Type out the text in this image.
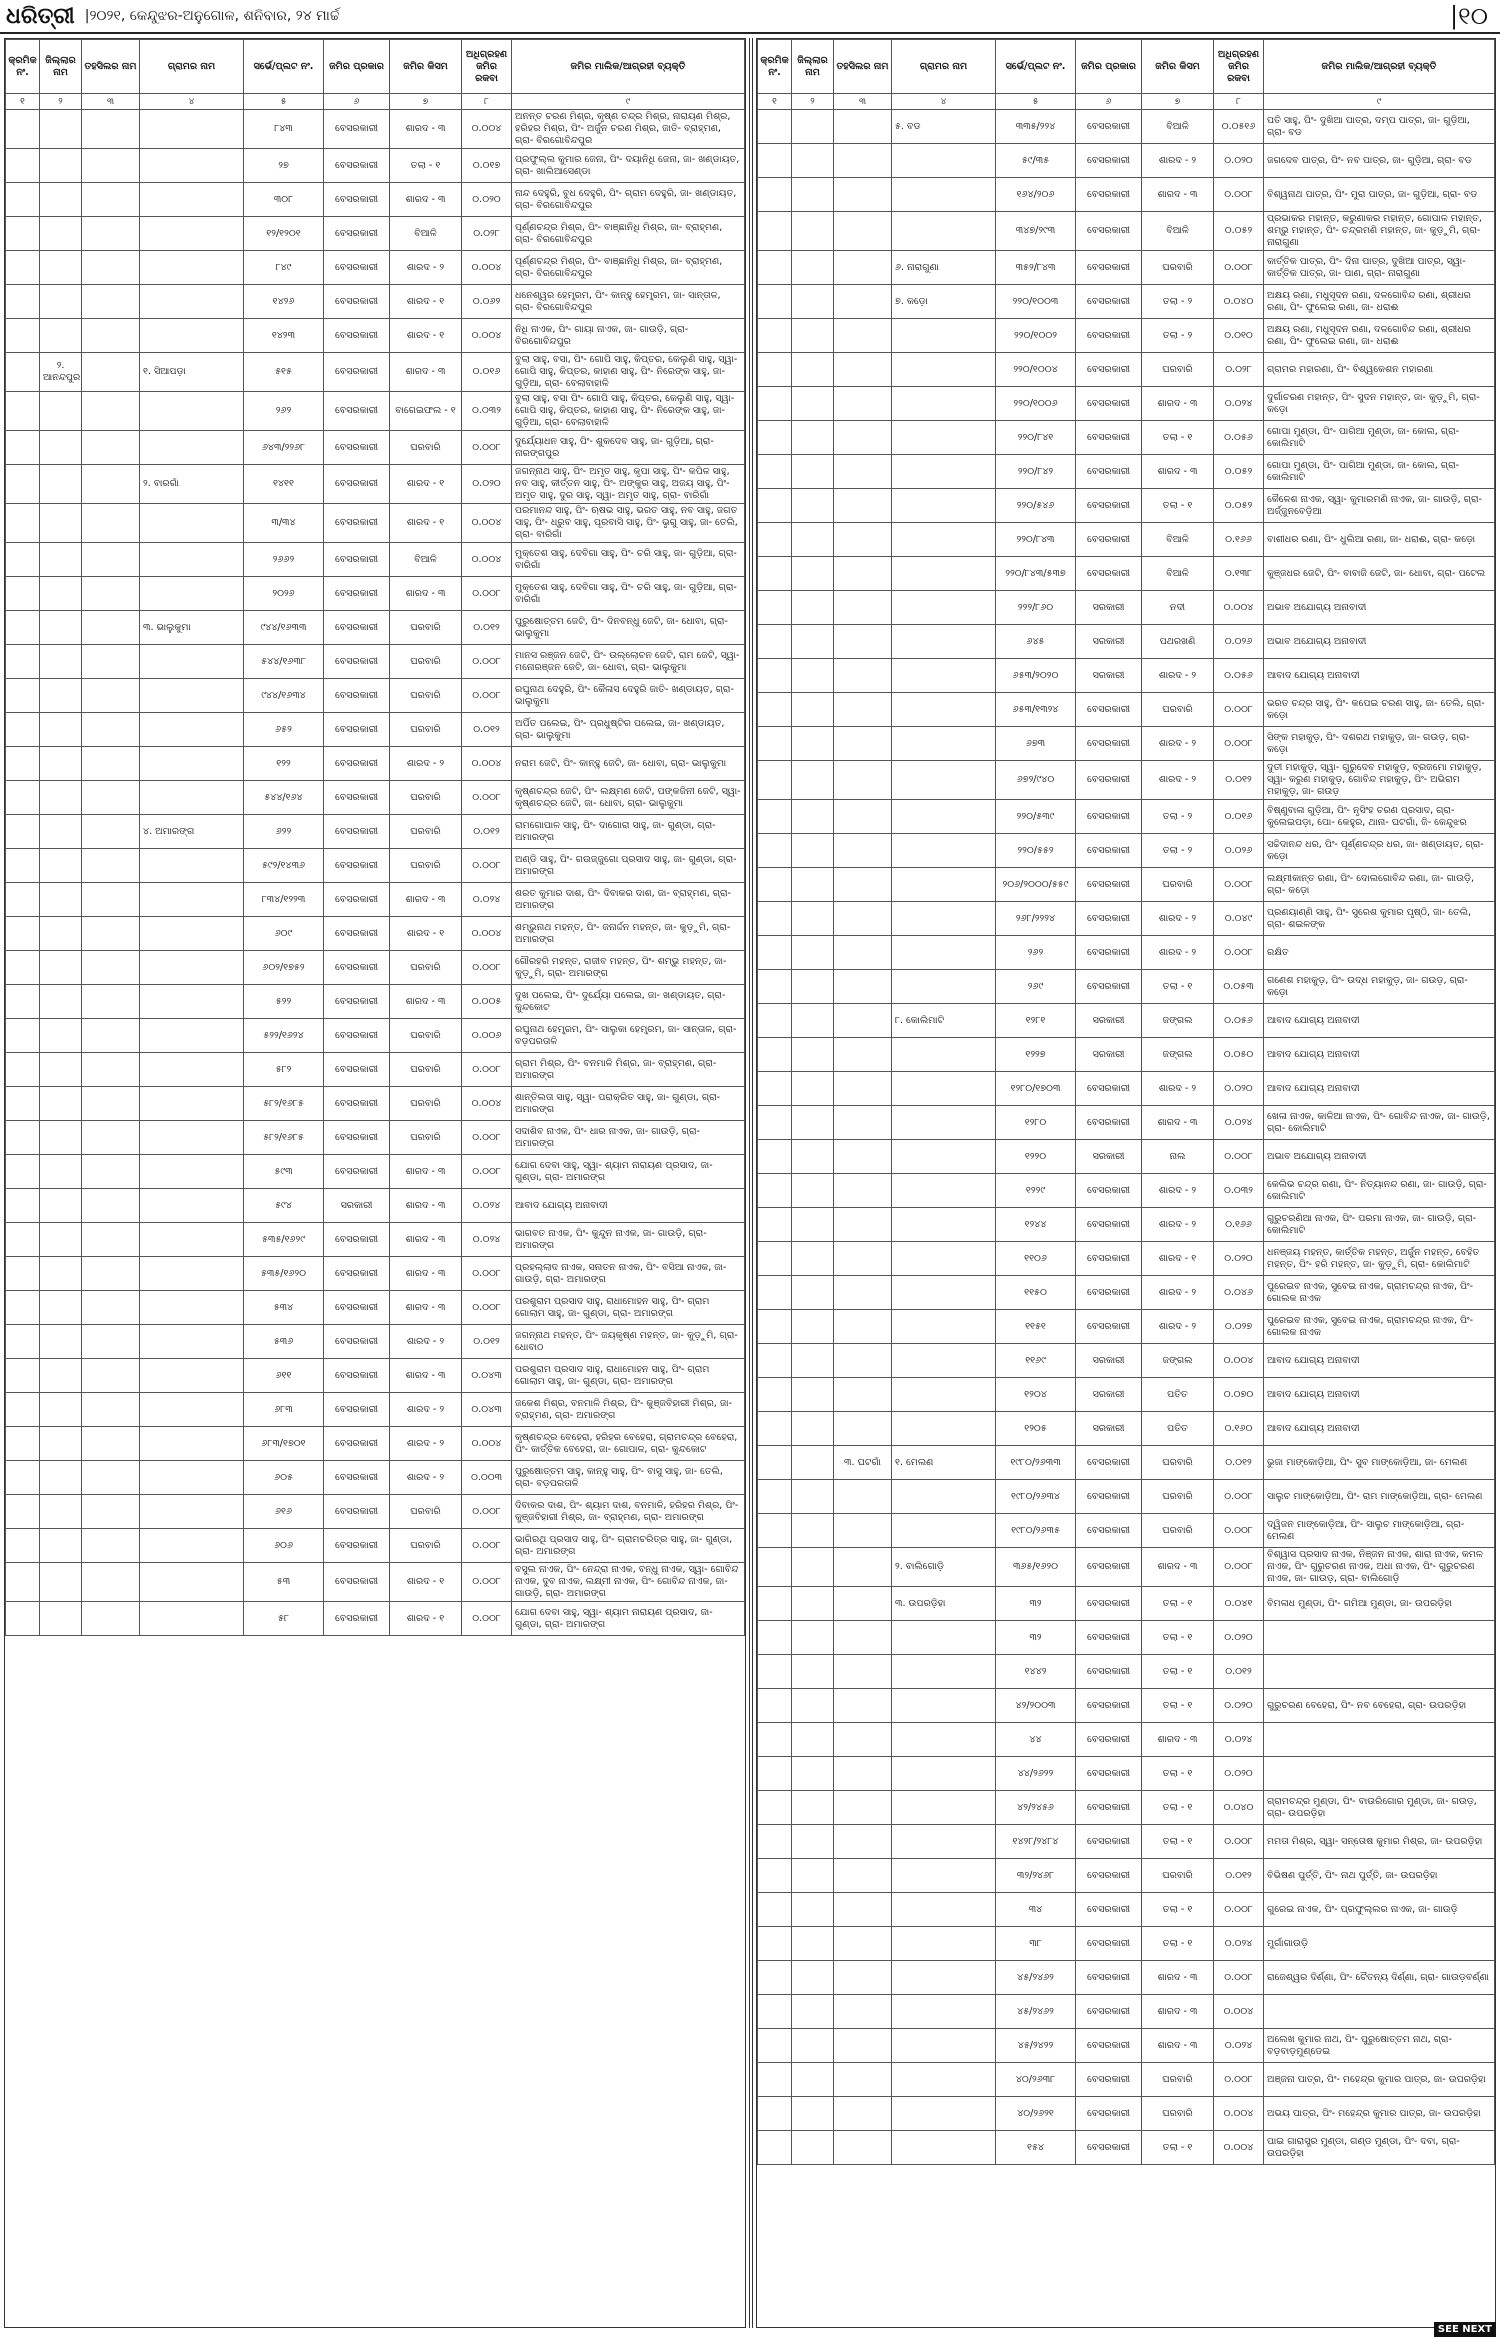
ଧରିତ୍ରୀ |୨୦୨୧, କେନ୍ଦୁଝର-ଅନୁଗୋଳ, ଶନିବାର, ୨୪ ମାର୍ଚ୍ଚ	|୧୦
କ୍ରମିକ ନଂ.	ଜିଲ୍ଲାର ନାମ	ତହସିଲର ନାମ	ଗ୍ରାମର ନାମ	ସର୍ଭେ/ପ୍ଲଟ ନଂ.	ଜମିର ପ୍ରକାର	ଜମିର କିସମ	ଅଧିଗ୍ରହଣ ଜମିର ରକବା	ଜମିର ମାଲିକ/ଆଗ୍ରହୀ ବ୍ୟକ୍ତି
୧	୨	୩	୪	୫	୬	୭	୮	୯
				୮୪୩	ବେସରକାରୀ	ଶାରଦ - ୩	୦.୦୦୪	ଅନନ୍ତ ଚରଣ ମିଶ୍ର, କୃଷ୍ଣ ଚନ୍ଦ୍ର ମିଶ୍ର, ନାରାୟଣ ମିଶ୍ର, ହରିହର ମିଶ୍ର, ପିଂ- ଅର୍ଜୁନ ଚରଣ ମିଶ୍ର, ଜାତି- ବ୍ରାହ୍ମଣ, ଗ୍ରା- ବିରଗୋବିନ୍ଦପୁର
				୨୭	ବେସରକାରୀ	ତଲା - ୧	୦.୦୧୭	ପ୍ରଫୁଲ୍ଲ କୁମାର ଜେନା, ପିଂ- ଦୟାନିଧି ଜେନା, ଜା- ଖଣ୍ଡାୟତ, ଗ୍ରା- ଖାଲିଆସେଣ୍ଡା
				୩୦୮	ବେସରକାରୀ	ଶାରଦ - ୩	୦.୦୨୦	ନାନ୍ଦ ଦେହୁରି, ବୁଧ ଦେହୁରି, ପିଂ- ଗ୍ରାମ ଦେହୁରି, ଜା- ଖଣ୍ଡାୟତ, ଗ୍ରା- ବିରଗୋବିନ୍ଦପୁର
				୧୨/୧୨୦୧	ବେସରକାରୀ	ବିଆଳି	୦.୦୨୮	ପୂର୍ଣ୍ଣଚନ୍ଦ୍ର ମିଶ୍ର, ପିଂ- ବାଞ୍ଛାନିଧି ମିଶ୍ର, ଜା- ବ୍ରାହ୍ମଣ, ଗ୍ରା- ବିରଗୋବିନ୍ଦପୁର
				୮୪୯	ବେସରକାରୀ	ଶାରଦ - ୨	୦.୦୦୪	ପୂର୍ଣ୍ଣଚନ୍ଦ୍ର ମିଶ୍ର, ପିଂ- ବାଞ୍ଛାନିଧି ମିଶ୍ର, ଜା- ବ୍ରାହ୍ମଣ, ଗ୍ରା- ବିରଗୋବିନ୍ଦପୁର
				୧୪୨୬	ବେସରକାରୀ	ଶାରଦ - ୧	୦.୦୬୨	ଧନେଶ୍ୱର ହେମ୍ବ୍ରମ, ପିଂ- କାନ୍ହୁ ହେମ୍ବ୍ରମ, ଜା- ସାନ୍ତାଳ, ଗ୍ରା- ବିରଗୋବିନ୍ଦପୁର
				୧୪୨୩	ବେସରକାରୀ	ଶାରଦ - ୧	୦.୦୦୪	ନିଧି ନାଏକ, ପିଂ- ଗାୟା ନାଏକ, ଜା- ଗାଉଡ଼ି, ଗ୍ରା- ବିରଗୋବିନ୍ଦପୁର
	୨. ଆନନ୍ଦପୁର		୧. ସିଆପଡ଼ା	୫୧୫	ବେସରକାରୀ	ଶାରଦ - ୩	୦.୦୧୬	ବୁଲା ସାହୁ, ବସା, ପିଂ- ଗୋପି ସାହୁ, କିପ୍ତର, କେଲୁଣି ସାହୁ, ସ୍ୱା- ଗୋପି ସାହୁ, କିପ୍ତର, କାହାଣ ସାହୁ, ପିଂ- ନିରେଙ୍କ ସାହୁ, ଜା- ଗୁଡ଼ିଆ, ଗ୍ରା- ବେଲାବାହାଳି
				୨୬୨	ବେସରକାରୀ	ବାଗେଇଫଲ - ୧	୦.୦୩୨	ବୁଲା ସାହୁ, ବସା ପିଂ- ଗୋପି ସାହୁ, କିପ୍ତର, କେଲୁଣି ସାହୁ, ସ୍ୱା- ଗୋପି ସାହୁ, କିପ୍ତର, କାହାଣ ସାହୁ, ପିଂ- ନିରେଙ୍କ ସାହୁ, ଜା- ଗୁଡ଼ିଆ, ଗ୍ରା- ବେଲାବାହାଳି
				୬୪୩/୨୨୬୮	ବେସରକାରୀ	ଘରବାରି	୦.୦୦୮	ଦୁର୍ଯ୍ୟୋଧନ ସାହୁ, ପିଂ- ଶୁକଦେବ ସାହୁ, ଜା- ଗୁଡ଼ିଆ, ଗ୍ରା- ନାରଙ୍ଗପୁର
			୨. ବାରଗାଁ	୧୪୧୧	ବେସରକାରୀ	ଶାରଦ - ୧	୦.୦୨୦	ଜଗନ୍ନାଥ ସାହୁ, ପିଂ- ଅମୃତ ସାହୁ, କୃପା ସାହୁ, ପିଂ- କପିଳ ସାହୁ, ନବ ସାହୁ, କୀର୍ତ୍ତନ ସାହୁ, ପିଂ- ଅଙ୍କୁର ସାହୁ, ଅଜୟ ସାହୁ, ପିଂ- ଅମୃତ ସାହୁ, ଦୁର ସାହୁ, ସ୍ୱା- ଅମୃତ ସାହୁ, ଗ୍ରା- ବାରିଗାଁ
				୩/୩୪	ବେସରକାରୀ	ଶାରଦ - ୧	୦.୦୦୪	ପରମାନନ୍ଦ ସାହୁ, ପିଂ- ଋଷଭ ସାହୁ, ଭରତ ସାହୁ, ନବ ସାହୁ, ଜଗତ ସାହୁ, ପିଂ- ଧ୍ରୁବ ସାହୁ, ପୂରବାସି ସାହୁ, ପିଂ- ଭୃଗୁ ସାହୁ, ଜା- ତେଲି, ଗ୍ରା- ବାରିଗାଁ
				୨୬୬୨	ବେସରକାରୀ	ବିଆଳି	୦.୦୦୪	ମୁକ୍ତେଶ ସାହୁ, ଦେବିଗା ସାହୁ, ପିଂ- ଚରି ସାହୁ, ଜା- ଗୁଡ଼ିଆ, ଗ୍ରା- ବାରିଗାଁ
				୨୦୨୬	ବେସରକାରୀ	ଶାରଦ - ୩	୦.୦୦୮	ମୁକ୍ତେଶ ସାହୁ, ଦେବିଗା ସାହୁ, ପିଂ- ଚରି ସାହୁ, ଜା- ଗୁଡ଼ିଆ, ଗ୍ରା- ବାରିଗାଁ
			୩. ଭାଲୁକୁମା	୯୪୪/୧୬୩୩	ବେସରକାରୀ	ଘରବାରି	୦.୦୧୨	ପୁରୁଷୋତ୍ତମ ଜେଟି, ପିଂ- ଦିନବନ୍ଧୁ ଜେଟି, ଜା- ଧୋବା, ଗ୍ରା- ଭାଲୁକୁମା
				୫୪୪/୧୬୩୮	ବେସରକାରୀ	ଘରବାରି	୦.୦୦୮	ମାନସ ରଞ୍ଜନ ଜେଟି, ପିଂ- ଉଲ୍ଲୋଚନ ଜେଟି, ରାମ ଜେଟି, ସ୍ୱା- ମନୋରଞ୍ଜନ ଜେଟି, ଜା- ଧୋବା, ଗ୍ରା- ଭାଲୁକୁମା
				୯୪୪/୧୬୩୪	ବେସରକାରୀ	ଘରବାରି	୦.୦୦୮	ରଘୁନାଥ ଦେହୁରି, ପିଂ- କୈଳାସ ଦେହୁରି ଜାତି- ଖଣ୍ଡାୟତ, ଗ୍ରା- ଭାଲୁକୁମା
				୬୫୨	ବେସରକାରୀ	ଘରବାରି	୦.୦୧୨	ଅର୍ପିତ ପଲେଇ, ପିଂ- ପ୍ରଧୁଷ୍ଟିର ପଲେଇ, ଜା- ଖଣ୍ଡାୟତ, ଗ୍ରା- ଭାଲୁକୁମା
				୧୨୨	ବେସରକାରୀ	ଶାରଦ - ୨	୦.୦୦୪	ନରାମ ଜେଟି, ପିଂ- କାନ୍ହୁ ଜେଟି, ଜା- ଧୋବା, ଗ୍ରା- ଭାଲୁକୁମା
				୫୪୪/୧୬୪	ବେସରକାରୀ	ଘରବାରି	୦.୦୦୮	କୃଷ୍ଣଚନ୍ଦ୍ର ଜେଟି, ପିଂ- ଲକ୍ଷ୍ମଣ ଜେଟି, ପଙ୍କଜିନୀ ଜେଟି, ସ୍ୱା- କୃଷ୍ଣଚନ୍ଦ୍ର ଜେଟି, ଜା- ଧୋବା, ଗ୍ରା- ଭାଲୁକୁମା
			୪. ଅମାରଙ୍ଗ	୬୨୨	ବେସରକାରୀ	ଘରବାରି	୦.୦୧୨	ରାମଗୋପାଳ ସାହୁ, ପିଂ- ଦାଗୋରା ସାହୁ, ଜା- ଗୁଣ୍ଡା, ଗ୍ରା- ଅମାରଙ୍ଗ
				୫୯୨/୧୪୩୬	ବେସରକାରୀ	ଘରବାରି	୦.୦୦୮	ଅଣ୍ଡି ସାହୁ, ପିଂ- ଗଉଜ୍ଜୁଗୋ ପ୍ରସାଦ ସାହୁ, ଜା- ଗୁଣ୍ଡା, ଗ୍ରା- ଅମାରଙ୍ଗ
				୮୩୪/୧୨୨୩	ବେସରକାରୀ	ଶାରଦ - ୩	୦.୦୨୪	ଶରତ କୁମାର ଦାଶ, ପିଂ- ଦିବାକର ଦାଶ, ଜା- ବ୍ରାହ୍ମଣ, ଗ୍ରା- ଅମାରଙ୍ଗ
				୬୦୯	ବେସରକାରୀ	ଶାରଦ - ୧	୦.୦୦୪	ଶମ୍ଭୁନାଥ ମହନ୍ତ, ପିଂ- ଜନାର୍ଦ୍ଦନ ମହନ୍ତ, ଜା- କୁଡ଼ୁମି, ଗ୍ରା- ଅମାରଙ୍ଗ
				୬୦୨/୧୭୫୨	ବେସରକାରୀ	ଘରବାରି	୦.୦୦୮	ଗୌରହରି ମହନ୍ତ, ରାଜୀବ ମହନ୍ତ, ପିଂ- ଶମ୍ଭୁ ମହନ୍ତ, ଜା- କୁଡ଼ୁମି, ଗ୍ରା- ଅମାରଙ୍ଗ
				୫୨୨	ବେସରକାରୀ	ଶାରଦ - ୩	୦.୦୦୫	ଦୁଖ ପଲେଇ, ପିଂ- ଦୁର୍ଯ୍ୟୋ ପଲେଇ, ଜା- ଖଣ୍ଡାୟତ, ଗ୍ରା- କୁନ୍ଦକୋଟ
				୫୨୨/୧୬୨୪	ବେସରକାରୀ	ଘରବାରି	୦.୦୦୬	ରଘୁନାଥ ହେମ୍ବ୍ରମ, ପିଂ- ସାଲୁକା ହେମ୍ବ୍ରମ, ଜା- ସାନ୍ତାଳ, ଗ୍ରା- ବଡ଼ପରତାଳି
				୫୮୨	ବେସରକାରୀ	ଘରବାରି	୦.୦୦୮	ଗ୍ରାମ ମିଶ୍ର, ପିଂ- ବନମାଳି ମିଶ୍ର, ଜା- ବ୍ରାହ୍ମଣ, ଗ୍ରା- ଅମାରଙ୍ଗ
				୫୮୨/୧୬୮୫	ବେସରକାରୀ	ଘରବାରି	୦.୦୦୪	ଶାନ୍ତିଲତା ସାହୁ, ସ୍ୱା- ପରାକ୍ରିତ ସାହୁ, ଜା- ଗୁଣ୍ଡା, ଗ୍ରା- ଅମାରଙ୍ଗ
				୫୮୨/୧୬୮୫	ବେସରକାରୀ	ଘରବାରି	୦.୦୦୮	ସଦାଶିବ ନାଏକ, ପିଂ- ଧାର ନାଏକ, ଜା- ଗାଉଡ଼ି, ଗ୍ରା- ଅମାରଙ୍ଗ
				୫୯୩	ବେସରକାରୀ	ଶାରଦ - ୩	୦.୦୦୮	ଯୋଗ ଦେବା ସାହୁ, ସ୍ୱା- ଶ୍ୟାମ ନାରାୟଣ ପ୍ରସାଦ, ଜା- ଗୁଣ୍ଡା, ଗ୍ରା- ଅମାରଙ୍ଗ
				୫୯୪	ସରକାରୀ	ଶାରଦ - ୩	୦.୦୨୪	ଆବାଦ ଯୋଗ୍ୟ ଅନାବାଦୀ
				୫୩୫/୧୬୨୯	ବେସରକାରୀ	ଶାରଦ - ୩	୦.୦୨୪	ଭାଗବତ ନାଏକ, ପିଂ- କୁନ୍ଦୁନ ନାଏକ, ଜା- ଗାଉଡ଼ି, ଗ୍ରା- ଅମାରଙ୍ଗ
				୫୩୫/୧୬୨୦	ବେସରକାରୀ	ଶାରଦ - ୩	୦.୦୦୮	ପ୍ରହଲ୍ଲାଦ ନାଏକ, ସନାତନ ନାଏକ, ପିଂ- ବସିଆ ନାଏକ, ଜା- ଗାଉଡ଼ି, ଗ୍ରା- ଅମାରଙ୍ଗ
				୫୩୪	ବେସରକାରୀ	ଶାରଦ - ୩	୦.୦୦୮	ପରଶୁରାମ ପ୍ରସାଦ ସାହୁ, ରାଧାମୋହନ ସାହୁ, ପିଂ- ଗ୍ରାମ ଗୋଲାମ ସାହୁ, ଜା- ଗୁଣ୍ଡା, ଗ୍ରା- ଅମାରଙ୍ଗ
				୫୩୬	ବେସରକାରୀ	ଶାରଦ - ୨	୦.୦୧୨	ଜଗନ୍ନାଥ ମହନ୍ତ, ପିଂ- ଜୟକୃଷ୍ଣ ମହନ୍ତ, ଜା- କୁଡ଼ୁମି, ଗ୍ରା- ଧୋବାଠ
				୬୧୧	ବେସରକାରୀ	ଶାରଦ - ୩	୦.୦୪୩	ପରଶୁରାମ ପ୍ରସାଦ ସାହୁ, ରାଧାମୋହନ ସାହୁ, ପିଂ- ଗ୍ରାମ ଗୋଲାମ ସାହୁ, ଜା- ଗୁଣ୍ଡା, ଗ୍ରା- ଅମାରଙ୍ଗ
				୬୮୩	ବେସରକାରୀ	ଶାରଦ - ୨	୦.୦୪୩	ଜକେଶ ମିଶ୍ର, ବନମାଳି ମିଶ୍ର, ପିଂ- କୁଞ୍ଜବିହାରୀ ମିଶ୍ର, ଜା- ବ୍ରାହ୍ମଣ, ଗ୍ରା- ଅମାରଙ୍ଗ
				୬୮୩/୧୭୦୧	ବେସରକାରୀ	ଶାରଦ - ୨	୦.୦୦୪	କୃଷ୍ଣଚନ୍ଦ୍ର ବେହେରା, ହରିହର ବେହେରା, ଗ୍ରାମଚନ୍ଦ୍ର ବେହେରା, ପିଂ- କାର୍ତ୍ତିକ ବେହେରା, ଜା- ଗୋପାଳ, ଗ୍ରା- କୁନ୍ଦକୋଟ
				୬୦୫	ବେସରକାରୀ	ଶାରଦ - ୨	୦.୦୦୩	ପୁରୁଷୋତ୍ତମ ସାହୁ, କାନ୍ହୁ ସାହୁ, ପିଂ- ବାସୁ ସାହୁ, ଜା- ତେଲି, ଗ୍ରା- ବଡ଼ପରତାଳି
				୬୧୬	ବେସରକାରୀ	ଘରବାରି	୦.୦୦୮	ଦିବାକର ଦାଶ, ପିଂ- ଶ୍ୟାମ ଦାଶ, ବନମାଳି, ହରିହର ମିଶ୍ର, ପିଂ- କୁଞ୍ଜବିହାରୀ ମିଶ୍ର, ଜା- ବ୍ରାହ୍ମଣ, ଗ୍ରା- ଅମାରଙ୍ଗ
				୬୦୬	ବେସରକାରୀ	ଘରବାରି	୦.୦୦୮	ଭାଗିରଥି ପ୍ରସାଦ ସାହୁ, ପିଂ- ଗ୍ରାମଚରିତ୍ର ସାହୁ, ଜା- ଗୁଣ୍ଡା, ଗ୍ରା- ଅମାରଙ୍ଗ
				୫୩	ବେସରକାରୀ	ଶାରଦ - ୧	୦.୦୦୮	ବସୁଲ ନାଏକ, ପିଂ- ନେନ୍ଦ୍ରା ନାଏକ, ବନ୍ଧୁ ନାଏକ, ସ୍ୱା- ଗୋବିନ୍ଦ ନାଏକ, ଦୁବ ନାଏକ, ଲକ୍ଷ୍ମୀ ନାଏକ, ପିଂ- ଗୋବିନ୍ଦ ନାଏକ, ଜା- ଗାଉଡ଼ି, ଗ୍ରା- ଅମାରଙ୍ଗ
				୫୮	ବେସରକାରୀ	ଶାରଦ - ୧	୦.୦୦୮	ଯୋଗ ଦେବା ସାହୁ, ସ୍ୱା- ଶ୍ୟାମ ନାରାୟଣ ପ୍ରସାଦ, ଜା- ଗୁଣ୍ଡା, ଗ୍ରା- ଅମାରଙ୍ଗ
କ୍ରମିକ ନଂ.	ଜିଲ୍ଲାର ନାମ	ତହସିଲର ନାମ	ଗ୍ରାମର ନାମ	ସର୍ଭେ/ପ୍ଲଟ ନଂ.	ଜମିର ପ୍ରକାର	ଜମିର କିସମ	ଅଧିଗ୍ରହଣ ଜମିର ରକବା	ଜମିର ମାଲିକ/ଆଗ୍ରହୀ ବ୍ୟକ୍ତି
୧	୨	୩	୪	୫	୬	୭	୮	୯
			୫. ବଡ	୩୩୫/୨୨୪	ବେସରକାରୀ	ବିଆଳି	୦.୦୫୧୬	ପତି ସାହୁ, ପିଂ- ଦୁଖିଆ ପାତ୍ର, ଦମ୍ପ ପାତ୍ର, ଜା- ଗୁଡ଼ିଆ, ଗ୍ରା- ବଡ
				୫୯/୩୫	ବେସରକାରୀ	ଶାରଦ - ୨	୦.୦୨୦	ଜଗଦେବ ପାତ୍ର, ପିଂ- ନବ ପାତ୍ର, ଜା- ଗୁଡ଼ିଆ, ଗ୍ରା- ବଡ
				୧୬୪/୨୦୬	ବେସରକାରୀ	ଶାରଦ - ୩	୦.୦୦୮	ବିଶ୍ୱନାଥ ପାତ୍ର, ପିଂ- ମୁରା ପାତ୍ର, ଜା- ଗୁଡ଼ିଆ, ଗ୍ରା- ବଡ
				୩୪୭/୨୯୩	ବେସରକାରୀ	ବିଆଳି	୦.୦୫୨	ପ୍ରଭାକର ମହାନ୍ତ, କରୁଣାକର ମହାନ୍ତ, ଗୋପାଳ ମହାନ୍ତ, ଶମ୍ଭୁ ମହାନ୍ତ, ପିଂ- ଚନ୍ଦ୍ରମଣି ମହାନ୍ତ, ଜା- କୁଡ଼ୁମି, ଗ୍ରା- ନାରାଗୁଣା
			୬. ନାରାଗୁଣା	୩୫୨/୮୪୩	ବେସରକାରୀ	ଘରବାରି	୦.୦୦୮	କାର୍ତ୍ତିକ ପାତ୍ର, ପିଂ- ଦିନା ପାତ୍ର, ଦୁଖିଆ ପାତ୍ର, ସ୍ୱା- କାର୍ତ୍ତିକ ପାତ୍ର, ଜା- ପାଣ, ଗ୍ରା- ନାରାଗୁଣା
			୭. କଡ଼ୋ	୨୨୦/୧୦୦୩	ବେସରକାରୀ	ତଲା - ୨	୦.୦୪୦	ଅକ୍ଷୟ ରଣା, ମଧୁସୂଦନ ରଣା, ଦଳଗୋବିନ୍ଦ ରଣା, ଶ୍ରୀଧର ରଣା, ପିଂ- ଫୁଲେଇ ରଣା, ଜା- ଧରାଈ
				୨୨୦/୧୦୦୨	ବେସରକାରୀ	ତଲା - ୨	୦.୦୧୦	ଅକ୍ଷୟ ରଣା, ମଧୁସୂଦନ ରଣା, ଦଳଗୋବିନ୍ଦ ରଣା, ଶ୍ରୀଧର ରଣା, ପିଂ- ଫୁଲେଇ ରଣା, ଜା- ଧରାଈ
				୨୨୦/୧୦୦୪	ବେସରକାରୀ	ଘରବାରି	୦.୦୨୮	ଗ୍ରାମର ମହାରଣା, ପିଂ- ବିଶ୍ୱକେଶନ ମହାରଣା
				୨୨୦/୧୦୦୬	ବେସରକାରୀ	ଶାରଦ - ୩	୦.୦୨୪	ଦୁର୍ଗାଚରଣ ମହାନ୍ତ, ପିଂ- ସୁଦନ ମହାନ୍ତ, ଜା- କୁଡ଼ୁମି, ଗ୍ରା- କଡ଼ୋ
				୨୨୦/୮୪୧	ବେସରକାରୀ	ତଲା - ୧	୦.୦୫୬	ଗୋପା ମୁଣ୍ଡା, ପିଂ- ପାଗିଆ ମୁଣ୍ଡା, ଜା- କୋଲ, ଗ୍ରା- କୋଲିମାଟି
				୨୨୦/୮୪୨	ବେସରକାରୀ	ଶାରଦ - ୩	୦.୦୫୨	ଗୋପା ମୁଣ୍ଡା, ପିଂ- ପାଗିଆ ମୁଣ୍ଡା, ଜା- କୋଲ, ଗ୍ରା- କୋଲିମାଟି
				୨୨୦/୫୪୬	ବେସରକାରୀ	ତଲା - ୧	୦.୦୫୨	କୈଳେଶ ନାଏକ, ସ୍ୱା- କୁମାରମଣି ନାଏକ, ଜା- ଗାଉଡ଼ି, ଗ୍ରା- ଅର୍ଜ୍ଜୁନବେଡ଼ିଆ
				୨୨୦/୮୪୩	ବେସରକାରୀ	ବିଆଳି	୦.୧୬୬	ବାଶୀଧର ରଣା, ପିଂ- ଧୁଲିଆ ରଣା, ଜା- ଧରାଈ, ଗ୍ରା- କଡ଼ୋ
				୨୨୦/୮୪୩/୫୩୭	ବେସରକାରୀ	ବିଆଳି	୦.୧୩୮	କୁଞ୍ଜଧର ଜେଟି, ପିଂ- ବାବାଜି ଜେଟି, ଜା- ଧୋବା, ଗ୍ରା- ପଟେଲ
				୨୨୨/୮୬୦	ସରକାରୀ	ନଦୀ	୦.୦୦୪	ଅଭାବ ଅଯୋଗ୍ୟ ଅନାବାଦୀ
				୬୪୫	ସରକାରୀ	ପଥରଖଣି	୦.୦୨୬	ଅଭାବ ଅଯୋଗ୍ୟ ଅନାବାଦୀ
				୬୫୩/୨୦୨୦	ସରକାରୀ	ଶାରଦ - ୨	୦.୦୫୬	ଆବାଦ ଯୋଗ୍ୟ ଅନାବାଦୀ
				୬୫୩/୧୩୨୪	ବେସରକାରୀ	ଘରବାରି	୦.୦୦୮	ଭରତ ଚନ୍ଦ୍ର ସାହୁ, ପିଂ- କପେଇ ଚରଣ ସାହୁ, ଜା- ତେଲି, ଗ୍ରା- କଡ଼ୋ
				୬୭୩	ବେସରକାରୀ	ଶାରଦ - ୨	୦.୦୦୮	ସିଙ୍କ ମହାକୁଡ଼, ପିଂ- ଦଶରଥ ମହାକୁଡ଼, ଜା- ଗଉଡ଼, ଗ୍ରା- କଡ଼ୋ
				୬୭୨/୯୪୦	ବେସରକାରୀ	ଶାରଦ - ୨	୦.୦୧୨	ଦୁତୀ ମହାକୁଡ଼, ସ୍ୱା- ଗୁରୁଦେବ ମହାକୁଡ଼, ବ୍ରଜମୋ ମହାକୁଡ଼, ସ୍ୱା- କରୁଣ ମହାକୁଡ଼, ଗୋବିନ୍ଦ ମହାକୁଡ଼, ପିଂ- ଅଭିରାମ ମହାକୁଡ଼, ଜା- ଗଉଡ଼
				୨୨୦/୫୩୯	ବେସରକାରୀ	ତଲା - ୨	୦.୦୧୬	ବିଷ୍ଣୁବାଳା ଗୁଡ଼ିଆ, ପିଂ- ନୃସିଂହ ଚରଣ ପ୍ରସାଦ, ଗ୍ରା- କୁଲେଇପଡ଼ା, ପୋ- କେହୁର, ଥାନା- ଘଟଗାଁ, ଜି- କେନ୍ଦୁଝର
				୨୨୦/୫୫୨	ବେସରକାରୀ	ତଲା - ୨	୦.୦୨୬	ସଚ୍ଚିଦାନନ୍ଦ ଧର, ପିଂ- ପୂର୍ଣ୍ଣଚନ୍ଦ୍ର ଧର, ଜା- ଖଣ୍ଡାୟତ, ଗ୍ରା- କଡ଼ୋ
				୨୦୬/୨୦୦୦/୫୫୯	ବେସରକାରୀ	ଘରବାରି	୦.୦୦୮	ଲକ୍ଷ୍ମୀକାନ୍ତ ରଣା, ପିଂ- ଦୋଲଗୋବିନ୍ଦ ରଣା, ଜା- ଗାଉଡ଼ି, ଗ୍ରା- କଡ଼ୋ
				୨୬୮/୨୨୨୪	ବେସରକାରୀ	ଶାରଦ - ୨	୦.୦୪୯	ପ୍ରଣୟାଣ୍ଣି ସାହୁ, ପିଂ- ସୁରେଶ କୁମାର ପୃଷ୍ଠି, ଜା- ତେଲି, ଗ୍ରା- ଶଇଳଙ୍କ
				୨୬୨	ବେସରକାରୀ	ଶାରଦ - ୨	୦.୦୦୮	ରକ୍ଷିତ
				୨୬୯	ବେସରକାରୀ	ତଲା - ୧	୦.୦୫୩	ଗଣେଶ ମହାକୁଡ଼, ପିଂ- ଉଦ୍ଧ ମହାକୁଡ଼, ଜା- ଗଉଡ଼, ଗ୍ରା- କଡ଼ୋ
			୮. କୋଲିମାଟି	୧୨୮୧	ସରକାରୀ	ଜଙ୍ଗଲ	୦.୦୫୬	ଆବାଦ ଯୋଗ୍ୟ ଅନାବାଦୀ
				୧୨୨୭	ସରକାରୀ	ଜଙ୍ଗଲ	୦.୦୫୦	ଆବାଦ ଯୋଗ୍ୟ ଅନାବାଦୀ
				୧୨୮୦/୧୭୦୩	ବେସରକାରୀ	ଶାରଦ - ୨	୦.୦୨୦	ଆବାଦ ଯୋଗ୍ୟ ଅନାବାଦୀ
				୧୨୮୦	ବେସରକାରୀ	ଶାରଦ - ୩	୦.୦୨୪	ଖେଳା ନାଏକ, କାଳିଆ ନାଏକ, ପିଂ- ଗୋବିନ୍ଦ ନାଏକ, ଜା- ଗାଉଡ଼ି, ଗ୍ରା- କୋଲିମାଟି
				୧୨୨୦	ସରକାରୀ	ନାଲ	୦.୦୦୮	ଅଭାବ ଅଯୋଗ୍ୟ ଅନାବାଦୀ
				୧୨୨୯	ବେସରକାରୀ	ଶାରଦ - ୨	୦.୦୩୨	କେଲିଭ ଚନ୍ଦ୍ର ରଣା, ପିଂ- ନିତ୍ୟାନନ୍ଦ ରଣା, ଜା- ଗାଉଡ଼ି, ଗ୍ରା- କୋଲିମାଟି
				୧୨୪୪	ବେସରକାରୀ	ଶାରଦ - ୨	୦.୧୬୬	ଗୁରୁଚରଣିଆ ନାଏକ, ପିଂ- ପରମା ନାଏକ, ଜା- ଗାଉଡ଼ି, ଗ୍ରା- କୋଲିମାଟି
				୧୧୦୬	ବେସରକାରୀ	ଶାରଦ - ୧	୦.୦୨୦	ଧନଞ୍ଜୟ ମହନ୍ତ, କାର୍ତ୍ତିକ ମହନ୍ତ, ଅର୍ଜୁନ ମହନ୍ତ, ବେହିତ ମହନ୍ତ, ପିଂ- ହରି ମହନ୍ତ, ଜା- କୁଡ଼ୁମି, ଗ୍ରା- କୋଲିମାଟି
				୧୧୫୦	ବେସରକାରୀ	ଶାରଦ - ୨	୦.୦୪୬	ପୁରେଇବ ନାଏକ, ସୁବେଇ ନାଏକ, ଗ୍ରାମଚନ୍ଦ୍ର ନାଏକ, ପିଂ- ଗୋଲକ ନାଏକ
				୧୧୫୧	ବେସରକାରୀ	ଶାରଦ - ୨	୦.୦୨୭	ପୁରେଇବ ନାଏକ, ସୁବେଇ ନାଏକ, ଗ୍ରାମଚନ୍ଦ୍ର ନାଏକ, ପିଂ- ଗୋଲକ ନାଏକ
				୧୧୬୯	ସରକାରୀ	ଜଙ୍ଗଲ	୦.୦୦୪	ଆବାଦ ଯୋଗ୍ୟ ଅନାବାଦୀ
				୧୨୦୪	ସରକାରୀ	ପତିତ	୦.୦୭୦	ଆବାଦ ଯୋଗ୍ୟ ଅନାବାଦୀ
				୧୨୦୫	ସରକାରୀ	ପତିତ	୦.୧୬୦	ଆବାଦ ଯୋଗ୍ୟ ଅନାବାଦୀ
		୩. ଘଟଗାଁ	୧. ମେଲଣ	୧୯୮୦/୨୬୩୩	ବେସରକାରୀ	ଘରବାରି	୦.୦୧୨	ଭୁଜା ମାଙ୍କୋଡ଼ିଆ, ପିଂ- ସୁବ ମାଙ୍କୋଡ଼ିଆ, ଜା- ମେଲଣ
				୧୯୮୦/୨୬୩୪	ବେସରକାରୀ	ଘରବାରି	୦.୦୦୮	ସାଲୁଚ ମାଙ୍କୋଡ଼ିଆ, ପିଂ- ରାମ ମାଙ୍କୋଡ଼ିଆ, ଗ୍ରା- ମେଲଣ
				୧୯୮୦/୨୬୩୫	ବେସରକାରୀ	ଘରବାରି	୦.୦୦୮	ଦ୍ୱିଜନ ମାଙ୍କୋଡ଼ିଆ, ପିଂ- ସାଲୁଚ ମାଙ୍କୋଡ଼ିଆ, ଗ୍ରା- ମେଲଣ
			୨. ବାଲିଗୋଡ଼ି	୩୬୫/୧୬୨୦	ବେସରକାରୀ	ଶାରଦ - ୩	୦.୦୦୮	ବିଶ୍ୱାସ ପ୍ରସାଦ ନାଏକ, ନିଞ୍ଜନ ନାଏକ, ଶାରା ନାଏକ, କମଳ ନାଏକ, ପିଂ- ଗୁରୁଚରଣ ନାଏକ, ଅଧା ନାଏକ, ପିଂ- ଗୁରୁଚରଣ ନାଏକ, ଜା- ଗାଉଡ଼, ଗ୍ରା- ବାଲିଗୋଡ଼ି
			୩. ଉପରଡ଼ିହା	୩୨	ବେସରକାରୀ	ତଲା - ୧	୦.୦୪୧	ବିମଳାଧ ମୁଣ୍ଡା, ପିଂ- ଗମିଆ ମୁଣ୍ଡା, ଜା- ଉପରଡ଼ିହା
				୩୨	ବେସରକାରୀ	ତଲା - ୧	୦.୦୨୦	
				୧୪୪୨	ବେସରକାରୀ	ତଲା - ୧	୦.୦୧୨	
				୪୨/୨୦୦୩	ବେସରକାରୀ	ତଲା - ୧	୦.୦୨୦	ଗୁରୁଚରଣ ବେହେରା, ପିଂ- ନବ ବେହେରା, ଗ୍ରା- ଉପରଡ଼ିହା
				୪୪	ବେସରକାରୀ	ଶାରଦ - ୩	୦.୦୨୪	
				୪୪/୨୬୨୨	ବେସରକାରୀ	ତଲା - ୧	୦.୦୨୦	
				୪୨/୨୪୫୬	ବେସରକାରୀ	ତଲା - ୧	୦.୦୪୦	ଗ୍ରାମଚନ୍ଦ୍ର ମୁଣ୍ଡା, ପିଂ- ବାଉରିଗୋର ମୁଣ୍ଡା, ଜା- ଗଉଡ଼, ଗ୍ରା- ଉପରଡ଼ିହା
				୧୪୨୮/୨୪୮୪	ବେସରକାରୀ	ତଲା - ୧	୦.୦୦୮	ମମତା ମିଶ୍ର, ସ୍ୱା- ସନ୍ତୋଷ କୁମାର ମିଶ୍ର, ଜା- ଉପରଡ଼ିହା
				୩୨/୨୪୬୮	ବେସରକାରୀ	ଘରବାରି	୦.୦୧୨	ବିଭିଷଣ ପୁର୍ତ୍ତି, ପିଂ- ନାଥ ପୁର୍ତ୍ତି, ଜା- ଉପରଡ଼ିହା
				୩୪	ବେସରକାରୀ	ତଲା - ୧	୦.୦୦୮	ଗୁରେଇ ନାଏକ, ପିଂ- ପ୍ରଫୁଲ୍ଲର ନାଏକ, ଜା- ଗାଉଡ଼ି
				୩୮	ବେସରକାରୀ	ତଲା - ୧	୦.୦୨୪	ମୁର୍ଗାଗାଉଡ଼ି
				୪୫/୨୪୬୨	ବେସରକାରୀ	ଶାରଦ - ୩	୦.୦୦୮	ରାଜେଶ୍ୱର ଦିର୍ଣ୍ଣା, ପିଂ- ଚୈତନ୍ୟ ଦିର୍ଣ୍ଣା, ଗ୍ରା- ଗାଉଡ଼ବର୍ଣ୍ଣା
				୪୫/୨୪୬୨	ବେସରକାରୀ	ଶାରଦ - ୩	୦.୦୦୪	
				୪୫/୨୪୨୨	ବେସରକାରୀ	ଶାରଦ - ୩	୦.୦୨୪	ଅଲେଖ କୁମାର ନାଥ, ପିଂ- ପୁରୁଷୋତ୍ତମ ନାଥ, ଗ୍ରା- ବଡ଼ବାଡ଼ମୁଣ୍ଡେଇ
				୪୦/୨୬୩୮	ବେସରକାରୀ	ଘରବାରି	୦.୦୦୮	ଅଞ୍ଜନା ପାତ୍ର, ପିଂ- ମହେନ୍ଦ୍ର କୁମାର ପାତ୍ର, ଜା- ଉପରଡ଼ିହା
				୪୦/୨୬୨୧	ବେସରକାରୀ	ଘରବାରି	୦.୦୦୪	ଅଭୟ ପାତ୍ର, ପିଂ- ମହେନ୍ଦ୍ର କୁମାର ପାତ୍ର, ଜା- ଉପରଡ଼ିହା
				୧୫୪	ବେସରକାରୀ	ତଲା - ୧	୦.୦୦୪	ପାଇ ଗାରାସ୍ତ୍ର ମୁଣ୍ଡା, ଗଣ୍ଡ ମୁଣ୍ଡା, ପିଂ- ଦବା, ଗ୍ରା- ଉପରଡ଼ିହା
SEE NEXT
